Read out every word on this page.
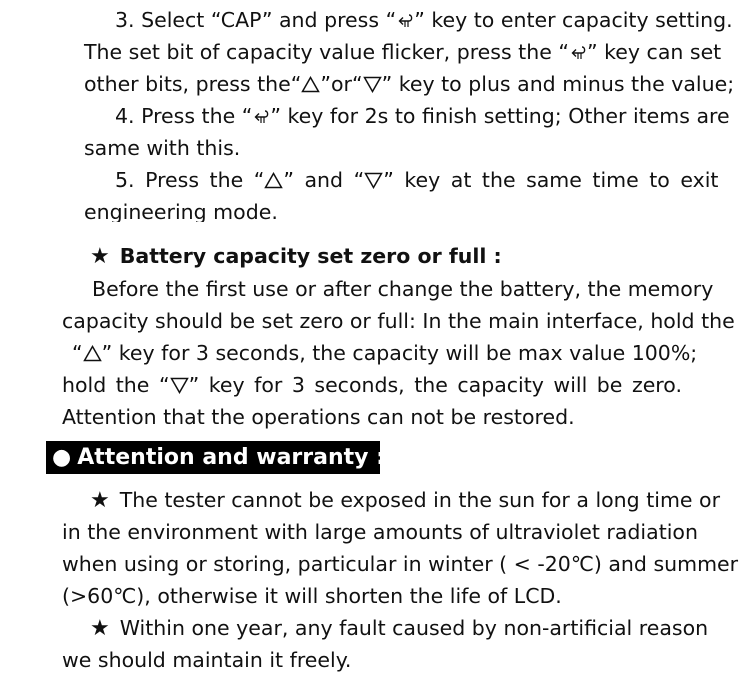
3. Select “CAP” and press “ ” key to enter capacity setting.
The set bit of capacity value flicker, press the “ ” key can set
other bits, press the“ ”or“ ” key to plus and minus the value;
4. Press the “ ” key for 2s to finish setting; Other items are
same with this.
5. Press the “ ” and “ ” key at the same time to exit
engineering mode.
★ Battery capacity set zero or full :
Before the first use or after change the battery, the memory
capacity should be set zero or full: In the main interface, hold the
“ ” key for 3 seconds, the capacity will be max value 100%;
hold the “ ” key for 3 seconds, the capacity will be zero.
Attention that the operations can not be restored.
● Attention and warranty :
★ The tester cannot be exposed in the sun for a long time or
in the environment with large amounts of ultraviolet radiation
when using or storing, particular in winter ( < -20℃) and summer
(>60℃), otherwise it will shorten the life of LCD.
★ Within one year, any fault caused by non-artificial reason
we should maintain it freely.
